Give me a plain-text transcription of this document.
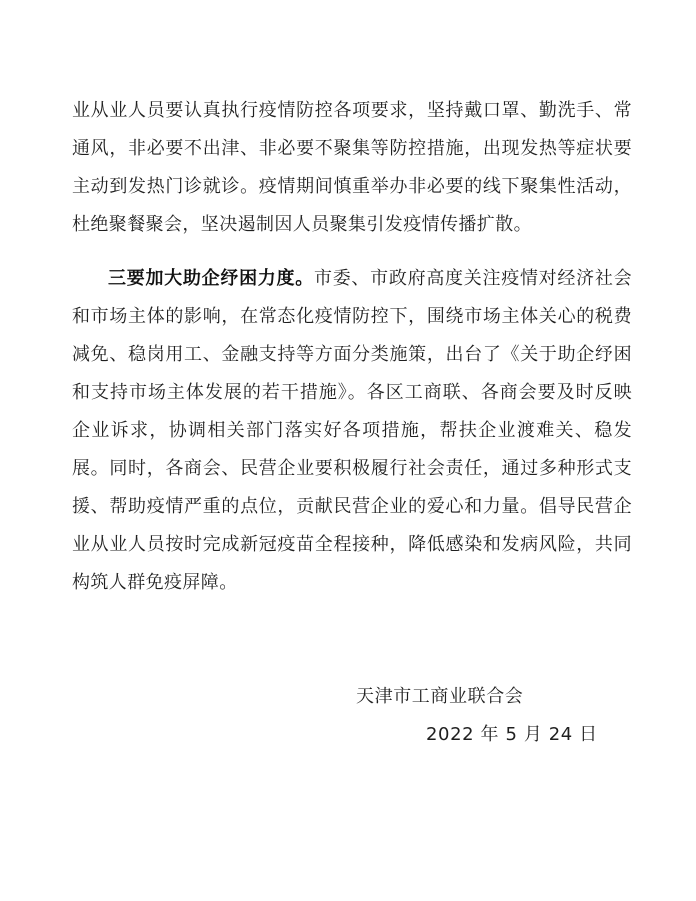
业从业人员要认真执行疫情防控各项要求，坚持戴口罩、勤洗手、常通风，非必要不出津、非必要不聚集等防控措施，出现发热等症状要主动到发热门诊就诊。疫情期间慎重举办非必要的线下聚集性活动，杜绝聚餐聚会，坚决遏制因人员聚集引发疫情传播扩散。

三要加大助企纾困力度。市委、市政府高度关注疫情对经济社会和市场主体的影响，在常态化疫情防控下，围绕市场主体关心的税费减免、稳岗用工、金融支持等方面分类施策，出台了《关于助企纾困和支持市场主体发展的若干措施》。各区工商联、各商会要及时反映企业诉求，协调相关部门落实好各项措施，帮扶企业渡难关、稳发展。同时，各商会、民营企业要积极履行社会责任，通过多种形式支援、帮助疫情严重的点位，贡献民营企业的爱心和力量。倡导民营企业从业人员按时完成新冠疫苗全程接种，降低感染和发病风险，共同构筑人群免疫屏障。

天津市工商业联合会
2022 年 5 月 24 日
